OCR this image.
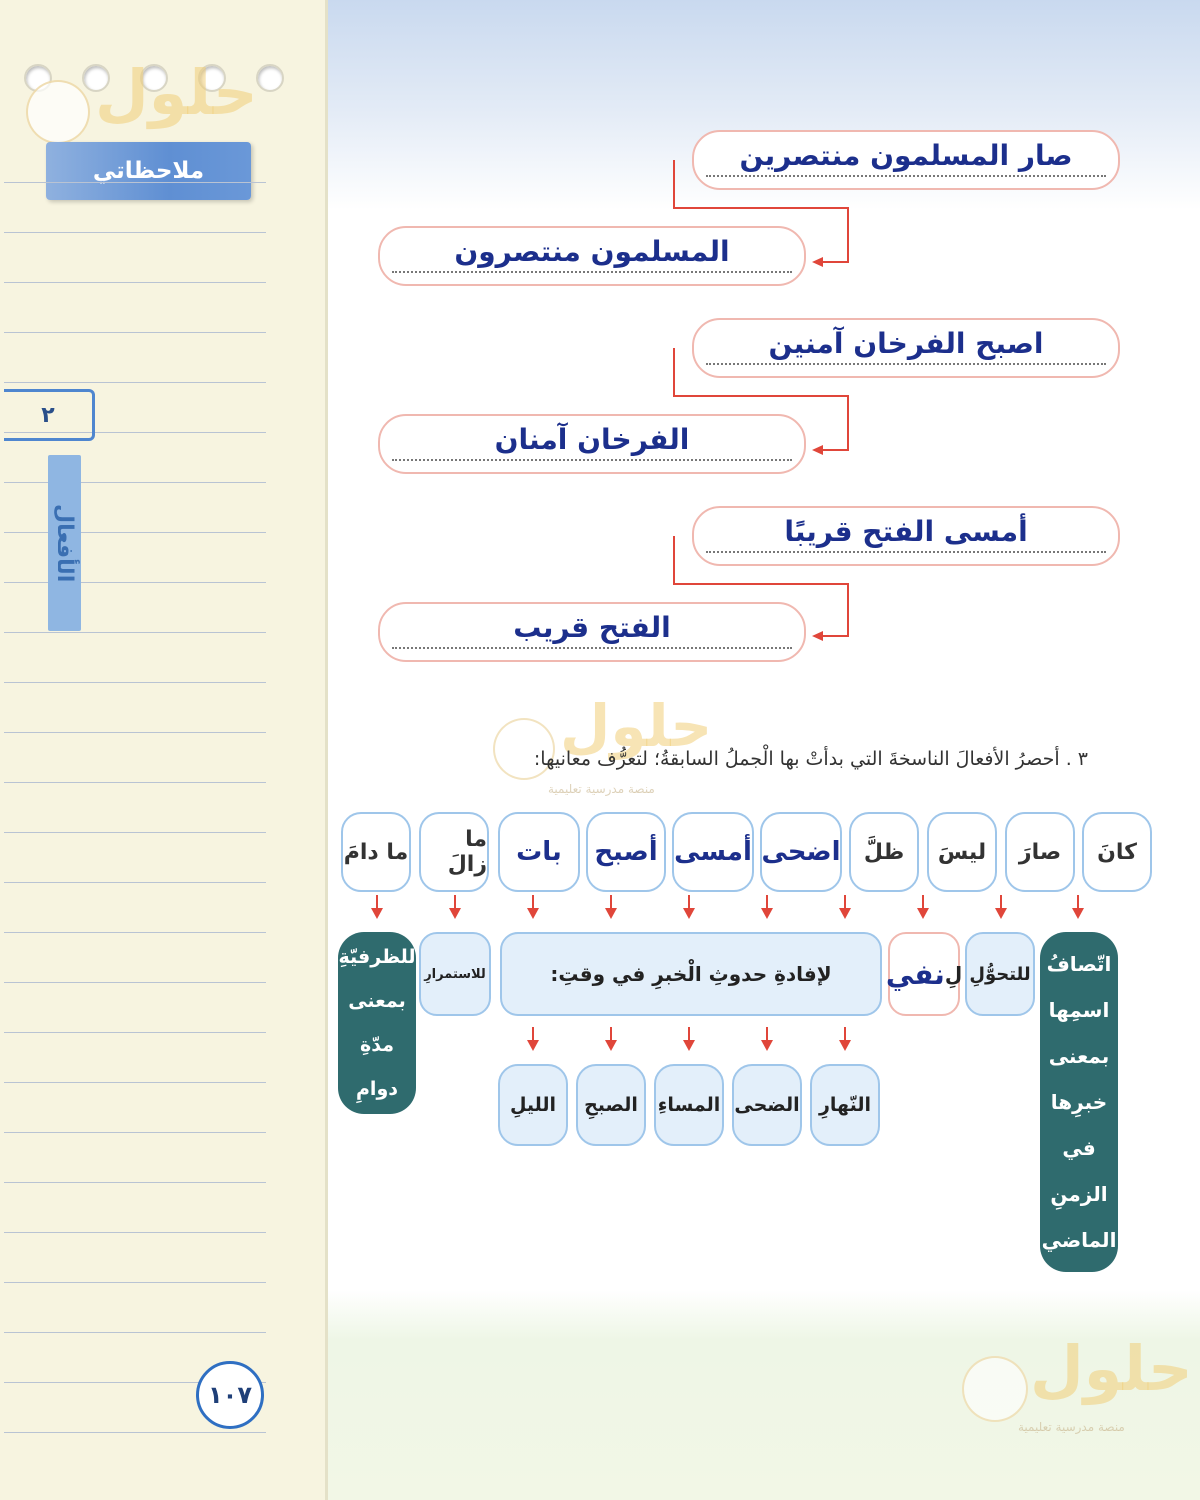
حلول
ملاحظاتي
٢
الأفعال
١٠٧
صار المسلمون منتصرين
المسلمون منتصرون
اصبح الفرخان آمنين
الفرخان آمنان
أمسى الفتح قريبًا
الفتح قريب
حلول
منصة مدرسية تعليمية
٣ . أحصرُ الأفعالَ الناسخةَ التي بدأتْ بها الْجملُ السابقةُ؛ لتعرُّف معانيها:
كانَ
صارَ
ليسَ
ظلَّ
اضحى
أمسى
أصبح
بات
ما زالَ
ما دامَ
اتّصافُ اسمِها بمعنى خبرِها في الزمنِ الماضي
للتحوُّلِ
لِ
نفي
لإفادةِ حدوثِ الْخبرِ في وقتِ:
للاستمرارِ
للظرفيّةِ بمعنى مدّةِ دوامِ
النّهارِ
الضحى
المساءِ
الصبحِ
الليلِ
حلول
منصة مدرسية تعليمية
